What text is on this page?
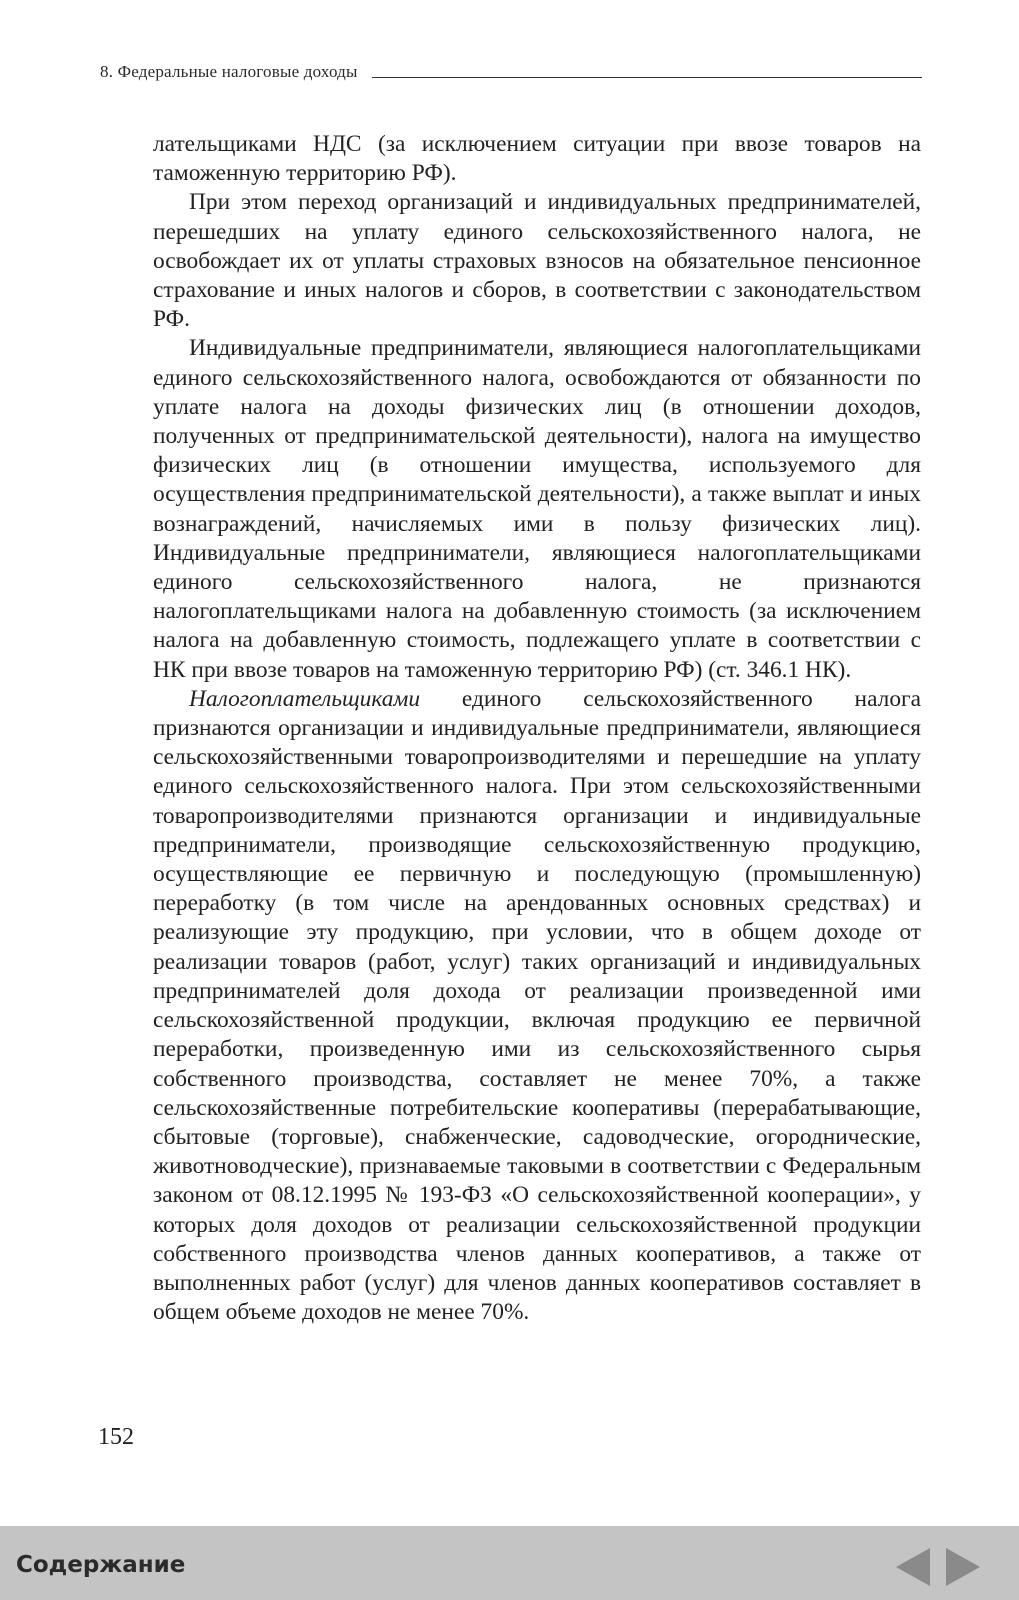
8. Федеральные налоговые доходы

лательщиками НДС (за исключением ситуации при ввозе товаров на таможенную территорию РФ).

При этом переход организаций и индивидуальных предпринимателей, перешедших на уплату единого сельскохозяйственного налога, не освобождает их от уплаты страховых взносов на обязательное пенсионное страхование и иных налогов и сборов, в соответствии с законодательством РФ.

Индивидуальные предприниматели, являющиеся налогоплательщиками единого сельскохозяйственного налога, освобождаются от обязанности по уплате налога на доходы физических лиц (в отношении доходов, полученных от предпринимательской деятельности), налога на имущество физических лиц (в отношении имущества, используемого для осуществления предпринимательской деятельности), а также выплат и иных вознаграждений, начисляемых ими в пользу физических лиц). Индивидуальные предприниматели, являющиеся налогоплательщиками единого сельскохозяйственного налога, не признаются налогоплательщиками налога на добавленную стоимость (за исключением налога на добавленную стоимость, подлежащего уплате в соответствии с НК при ввозе товаров на таможенную территорию РФ) (ст. 346.1 НК).

Налогоплательщиками единого сельскохозяйственного налога признаются организации и индивидуальные предприниматели, являющиеся сельскохозяйственными товаропроизводителями и перешедшие на уплату единого сельскохозяйственного налога. При этом сельскохозяйственными товаропроизводителями признаются организации и индивидуальные предприниматели, производящие сельскохозяйственную продукцию, осуществляющие ее первичную и последующую (промышленную) переработку (в том числе на арендованных основных средствах) и реализующие эту продукцию, при условии, что в общем доходе от реализации товаров (работ, услуг) таких организаций и индивидуальных предпринимателей доля дохода от реализации произведенной ими сельскохозяйственной продукции, включая продукцию ее первичной переработки, произведенную ими из сельскохозяйственного сырья собственного производства, составляет не менее 70%, а также сельскохозяйственные потребительские кооперативы (перерабатывающие, сбытовые (торговые), снабженческие, садоводческие, огороднические, животноводческие), признаваемые таковыми в соответствии с Федеральным законом от 08.12.1995 № 193-ФЗ «О сельскохозяйственной кооперации», у которых доля доходов от реализации сельскохозяйственной продукции собственного производства членов данных кооперативов, а также от выполненных работ (услуг) для членов данных кооперативов составляет в общем объеме доходов не менее 70%.

152
Содержание
